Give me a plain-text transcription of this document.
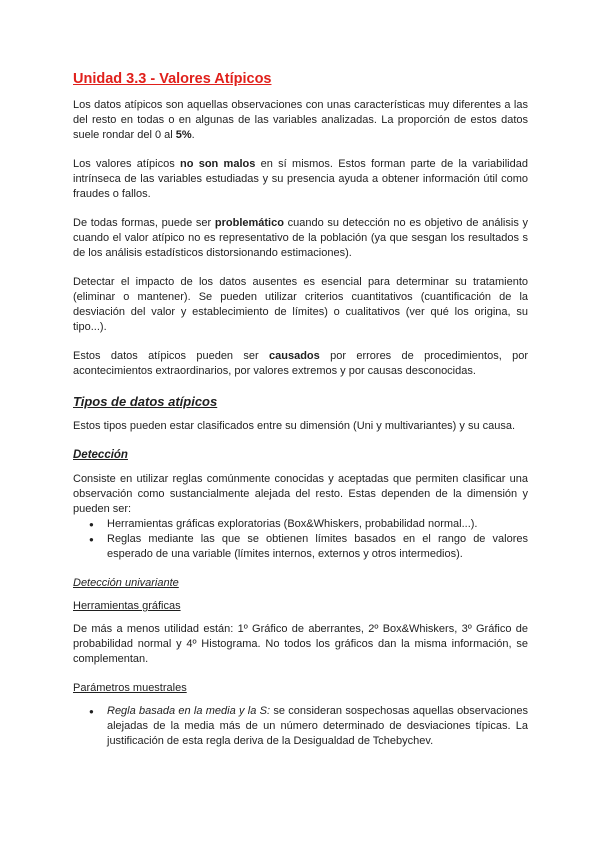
Unidad 3.3 - Valores Atípicos

Los datos atípicos son aquellas observaciones con unas características muy diferentes a las del resto en todas o en algunas de las variables analizadas. La proporción de estos datos suele rondar del 0 al 5%.

Los valores atípicos no son malos en sí mismos. Estos forman parte de la variabilidad intrínseca de las variables estudiadas y su presencia ayuda a obtener información útil como fraudes o fallos.

De todas formas, puede ser problemático cuando su detección no es objetivo de análisis y cuando el valor atípico no es representativo de la población (ya que sesgan los resultados s de los análisis estadísticos distorsionando estimaciones).

Detectar el impacto de los datos ausentes es esencial para determinar su tratamiento (eliminar o mantener). Se pueden utilizar criterios cuantitativos (cuantificación de la desviación del valor y establecimiento de límites) o cualitativos (ver qué los origina, su tipo...).

Estos datos atípicos pueden ser causados por errores de procedimientos, por acontecimientos extraordinarios, por valores extremos y por causas desconocidas.

Tipos de datos atípicos

Estos tipos pueden estar clasificados entre su dimensión (Uni y multivariantes) y su causa.

Detección

Consiste en utilizar reglas comúnmente conocidas y aceptadas que permiten clasificar una observación como sustancialmente alejada del resto. Estas dependen de la dimensión y pueden ser:

● Herramientas gráficas exploratorias (Box&Whiskers, probabilidad normal...).
● Reglas mediante las que se obtienen límites basados en el rango de valores esperado de una variable (límites internos, externos y otros intermedios).
Detección univariante
Herramientas gráficas

De más a menos utilidad están: 1º Gráfico de aberrantes, 2º Box&Whiskers, 3º Gráfico de probabilidad normal y 4º Histograma. No todos los gráficos dan la misma información, se complementan.

Parámetros muestrales
● Regla basada en la media y la S: se consideran sospechosas aquellas observaciones alejadas de la media más de un número determinado de desviaciones típicas. La justificación de esta regla deriva de la Desigualdad de Tchebychev.
